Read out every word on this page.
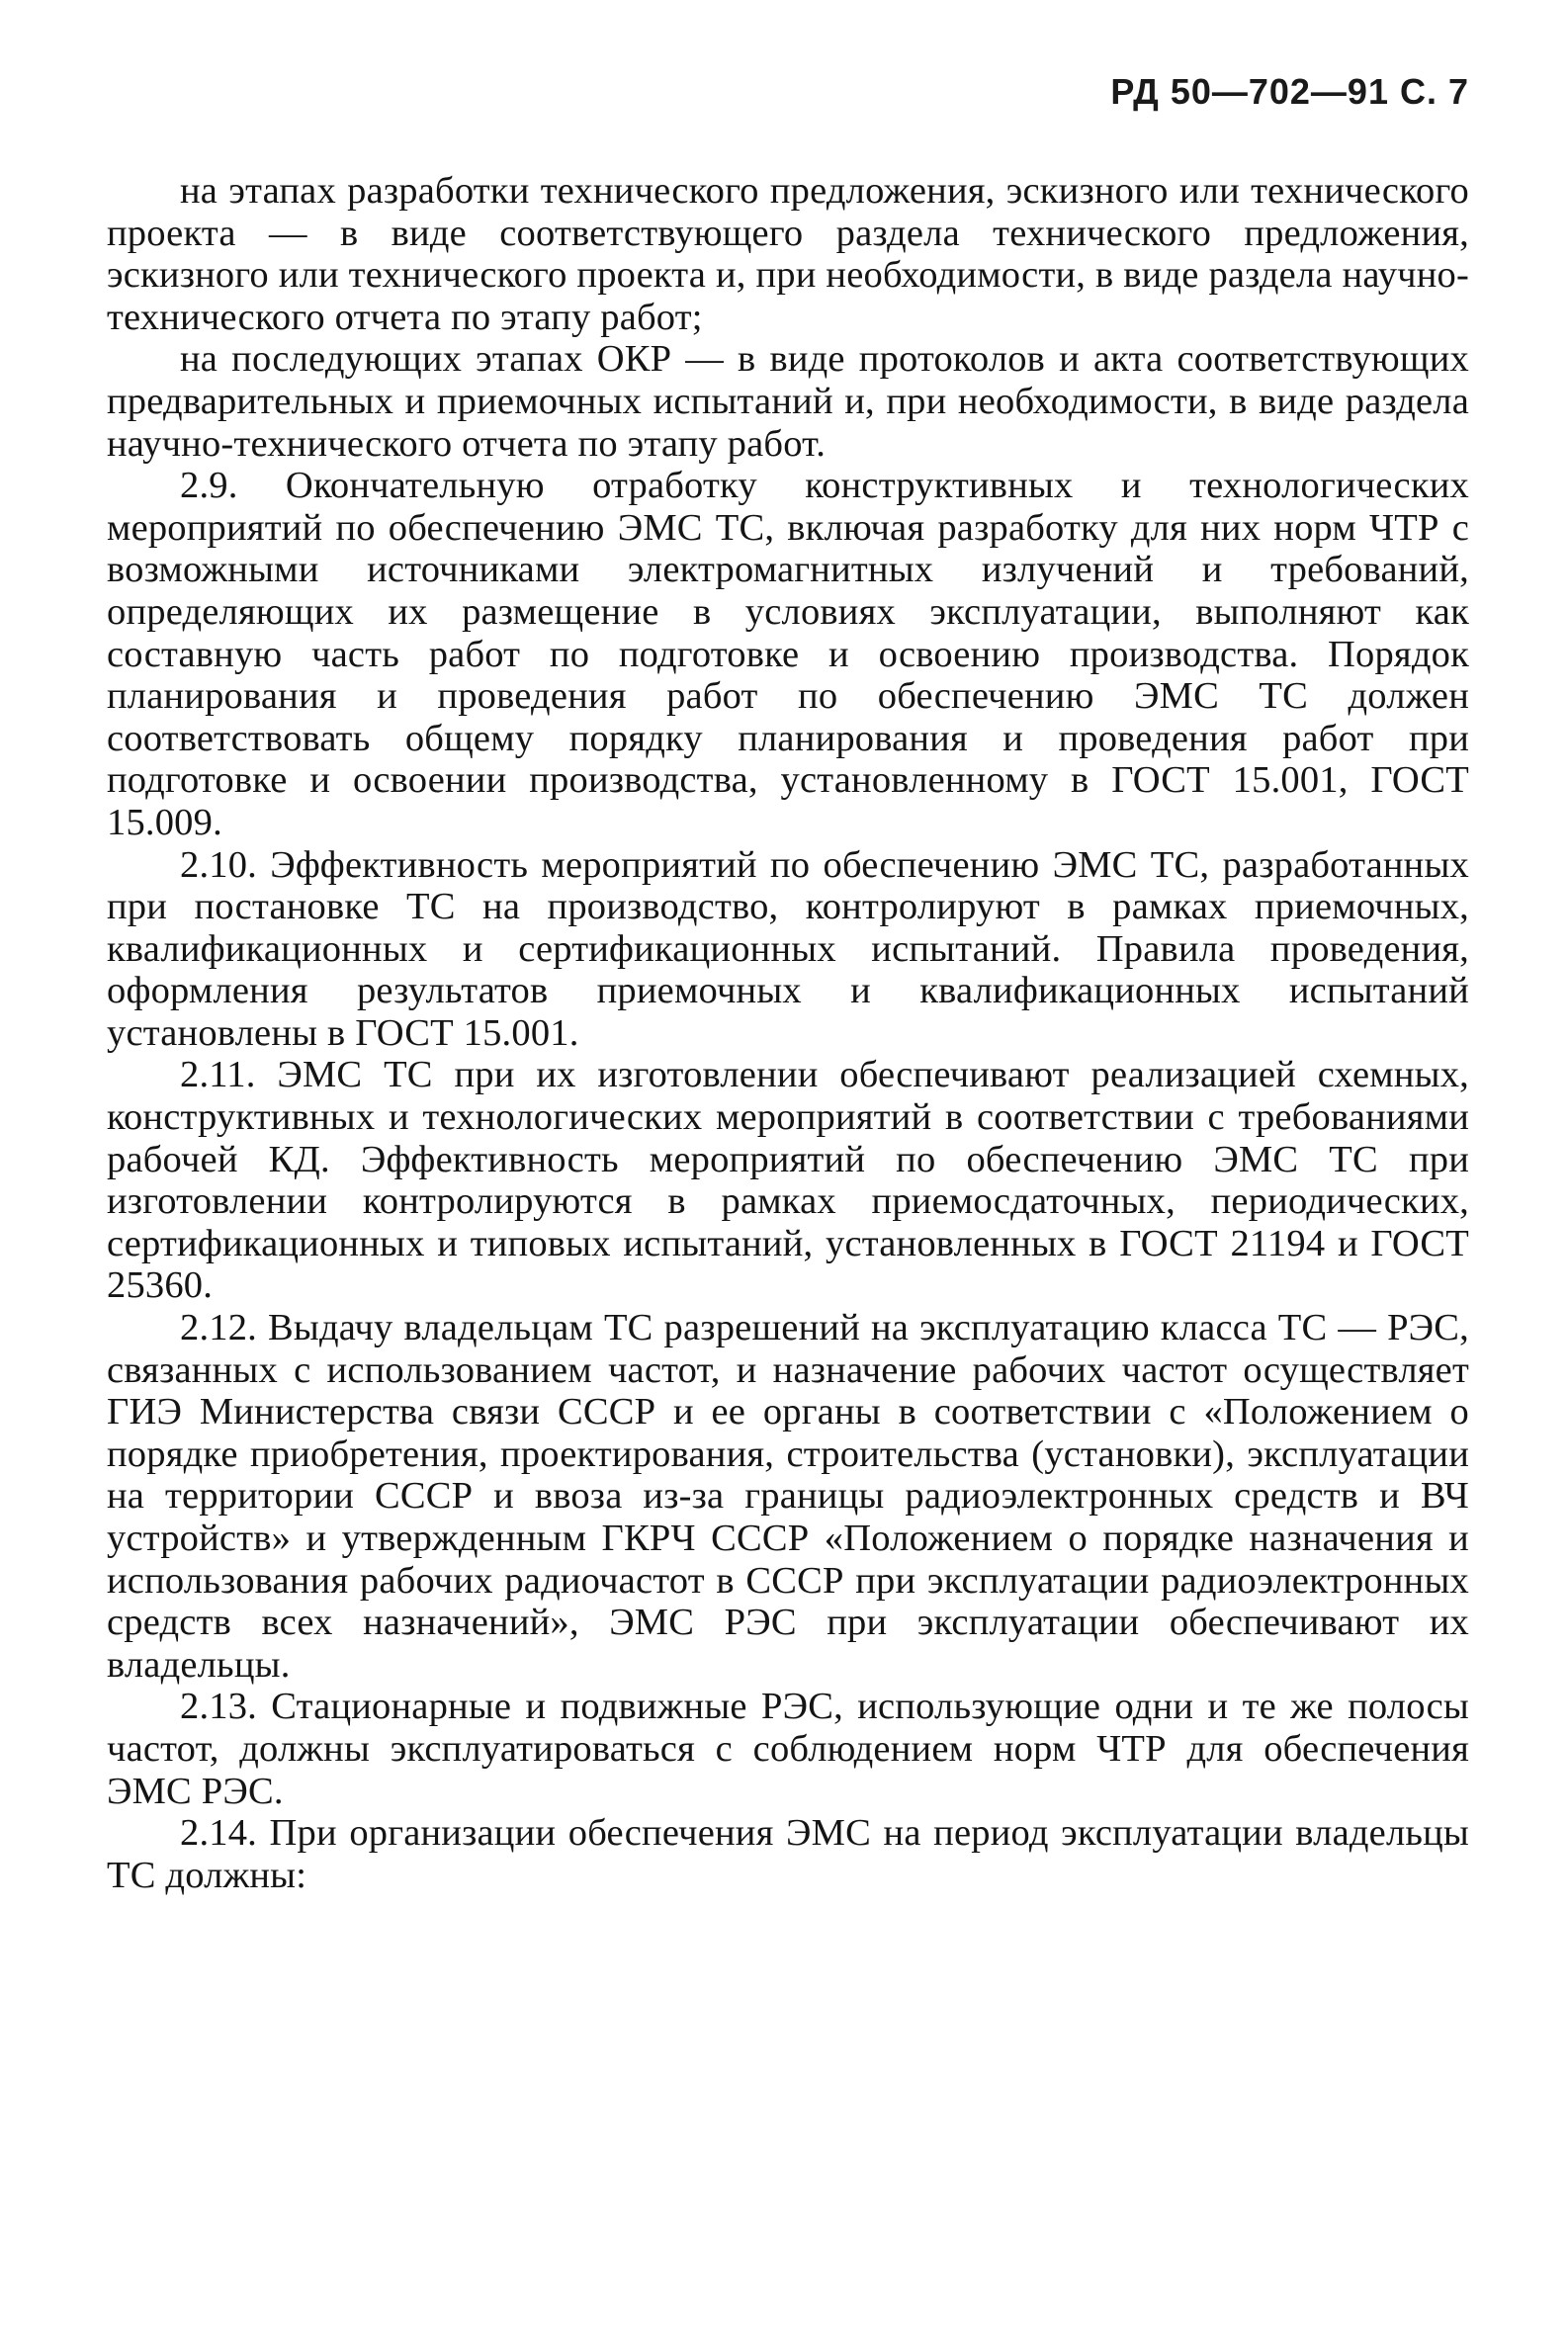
РД 50—702—91 С. 7

на этапах разработки технического предложения, эскизного или технического проекта — в виде соответствующего раздела технического предложения, эскизного или технического проекта и, при необходимости, в виде раздела научно-технического отчета по этапу работ;

на последующих этапах ОКР — в виде протоколов и акта соответствующих предварительных и приемочных испытаний и, при необходимости, в виде раздела научно-технического отчета по этапу работ.

2.9. Окончательную отработку конструктивных и технологических мероприятий по обеспечению ЭМС ТС, включая разработку для них норм ЧТР с возможными источниками электромагнитных излучений и требований, определяющих их размещение в условиях эксплуатации, выполняют как составную часть работ по подготовке и освоению производства. Порядок планирования и проведения работ по обеспечению ЭМС ТС должен соответствовать общему порядку планирования и проведения работ при подготовке и освоении производства, установленному в ГОСТ 15.001, ГОСТ 15.009.

2.10. Эффективность мероприятий по обеспечению ЭМС ТС, разработанных при постановке ТС на производство, контролируют в рамках приемочных, квалификационных и сертификационных испытаний. Правила проведения, оформления результатов приемочных и квалификационных испытаний установлены в ГОСТ 15.001.

2.11. ЭМС ТС при их изготовлении обеспечивают реализацией схемных, конструктивных и технологических мероприятий в соответствии с требованиями рабочей КД. Эффективность мероприятий по обеспечению ЭМС ТС при изготовлении контролируются в рамках приемосдаточных, периодических, сертификационных и типовых испытаний, установленных в ГОСТ 21194 и ГОСТ 25360.

2.12. Выдачу владельцам ТС разрешений на эксплуатацию класса ТС — РЭС, связанных с использованием частот, и назначение рабочих частот осуществляет ГИЭ Министерства связи СССР и ее органы в соответствии с «Положением о порядке приобретения, проектирования, строительства (установки), эксплуатации на территории СССР и ввоза из-за границы радиоэлектронных средств и ВЧ устройств» и утвержденным ГКРЧ СССР «Положением о порядке назначения и использования рабочих радиочастот в СССР при эксплуатации радиоэлектронных средств всех назначений», ЭМС РЭС при эксплуатации обеспечивают их владельцы.

2.13. Стационарные и подвижные РЭС, использующие одни и те же полосы частот, должны эксплуатироваться с соблюдением норм ЧТР для обеспечения ЭМС РЭС.

2.14. При организации обеспечения ЭМС на период эксплуатации владельцы ТС должны:
